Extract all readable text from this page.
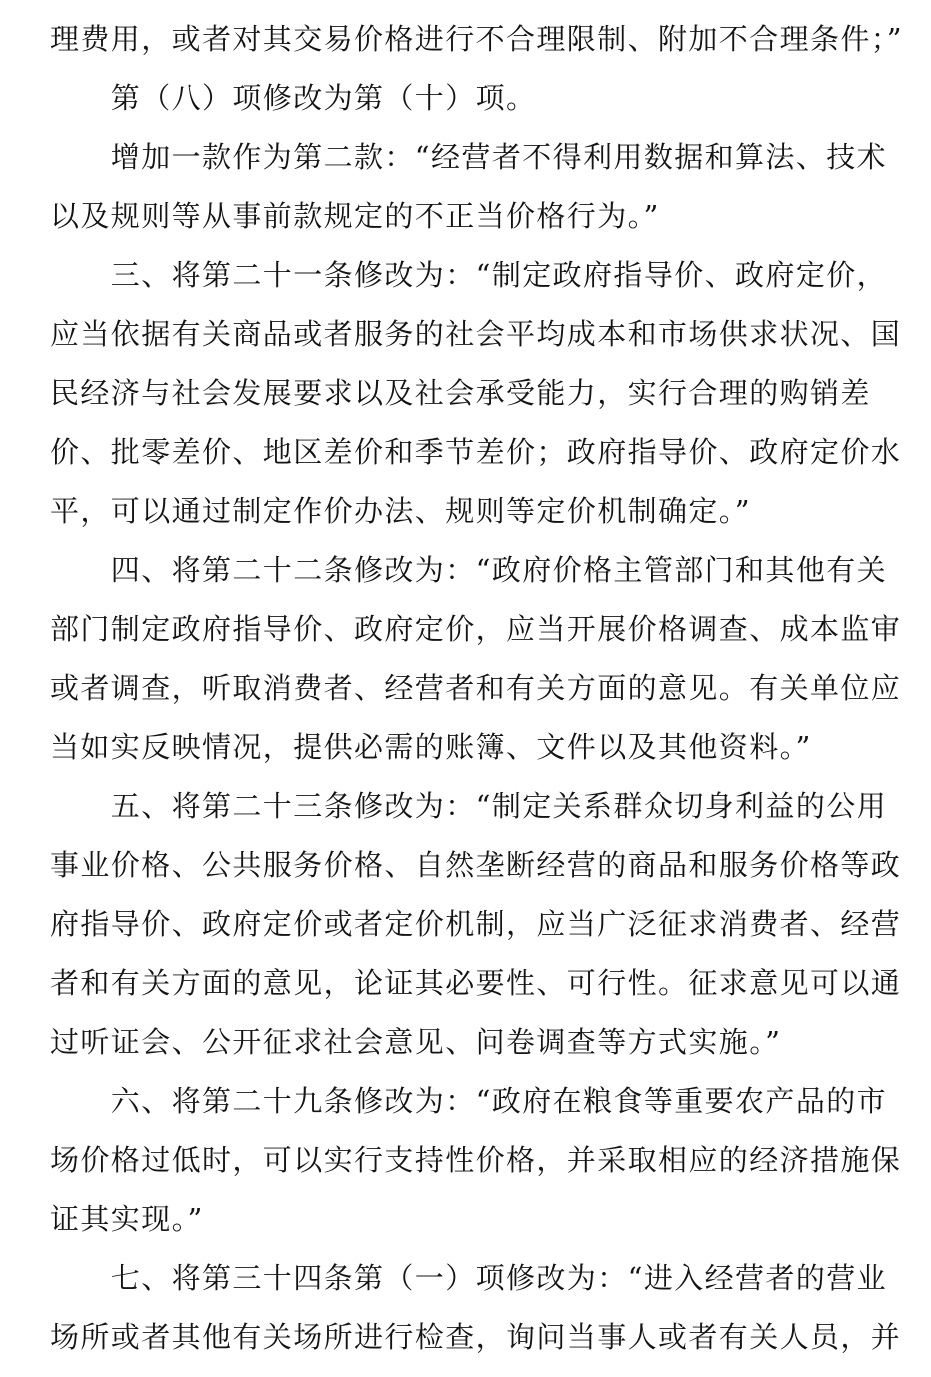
理费用，或者对其交易价格进行不合理限制、附加不合理条件；”

　　第（八）项修改为第（十）项。

　　增加一款作为第二款：“经营者不得利用数据和算法、技术
以及规则等从事前款规定的不正当价格行为。”

　　三、将第二十一条修改为：“制定政府指导价、政府定价，
应当依据有关商品或者服务的社会平均成本和市场供求状况、国
民经济与社会发展要求以及社会承受能力，实行合理的购销差
价、批零差价、地区差价和季节差价；政府指导价、政府定价水
平，可以通过制定作价办法、规则等定价机制确定。”

　　四、将第二十二条修改为：“政府价格主管部门和其他有关
部门制定政府指导价、政府定价，应当开展价格调查、成本监审
或者调查，听取消费者、经营者和有关方面的意见。有关单位应
当如实反映情况，提供必需的账簿、文件以及其他资料。”

　　五、将第二十三条修改为：“制定关系群众切身利益的公用
事业价格、公共服务价格、自然垄断经营的商品和服务价格等政
府指导价、政府定价或者定价机制，应当广泛征求消费者、经营
者和有关方面的意见，论证其必要性、可行性。征求意见可以通
过听证会、公开征求社会意见、问卷调查等方式实施。”

　　六、将第二十九条修改为：“政府在粮食等重要农产品的市
场价格过低时，可以实行支持性价格，并采取相应的经济措施保
证其实现。”

　　七、将第三十四条第（一）项修改为：“进入经营者的营业
场所或者其他有关场所进行检查，询问当事人或者有关人员，并
